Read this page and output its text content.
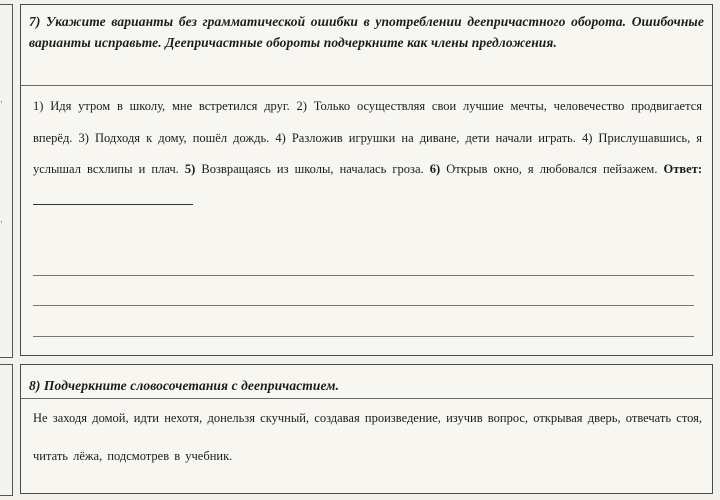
·
·

7) Укажите варианты без грамматической ошибки в употреблении деепричастного оборота. Ошибочные варианты исправьте. Деепричастные обороты подчеркните как члены предложения.

1) Идя утром в школу, мне встретился друг. 2) Только осуществляя свои лучшие мечты, человечество продвигается вперёд. 3) Подходя к дому, пошёл дождь. 4) Разложив игрушки на диване, дети начали играть. 4) Прислушавшись, я услышал всхлипы и плач. 5) Возвращаясь из школы, началась гроза. 6) Открыв окно, я любовался пейзажем. Ответ:

8) Подчеркните словосочетания с деепричастием.

Не заходя домой, идти нехотя, донельзя скучный, создавая произведение, изучив вопрос, открывая дверь, отвечать стоя, читать лёжа, подсмотрев в учебник.
